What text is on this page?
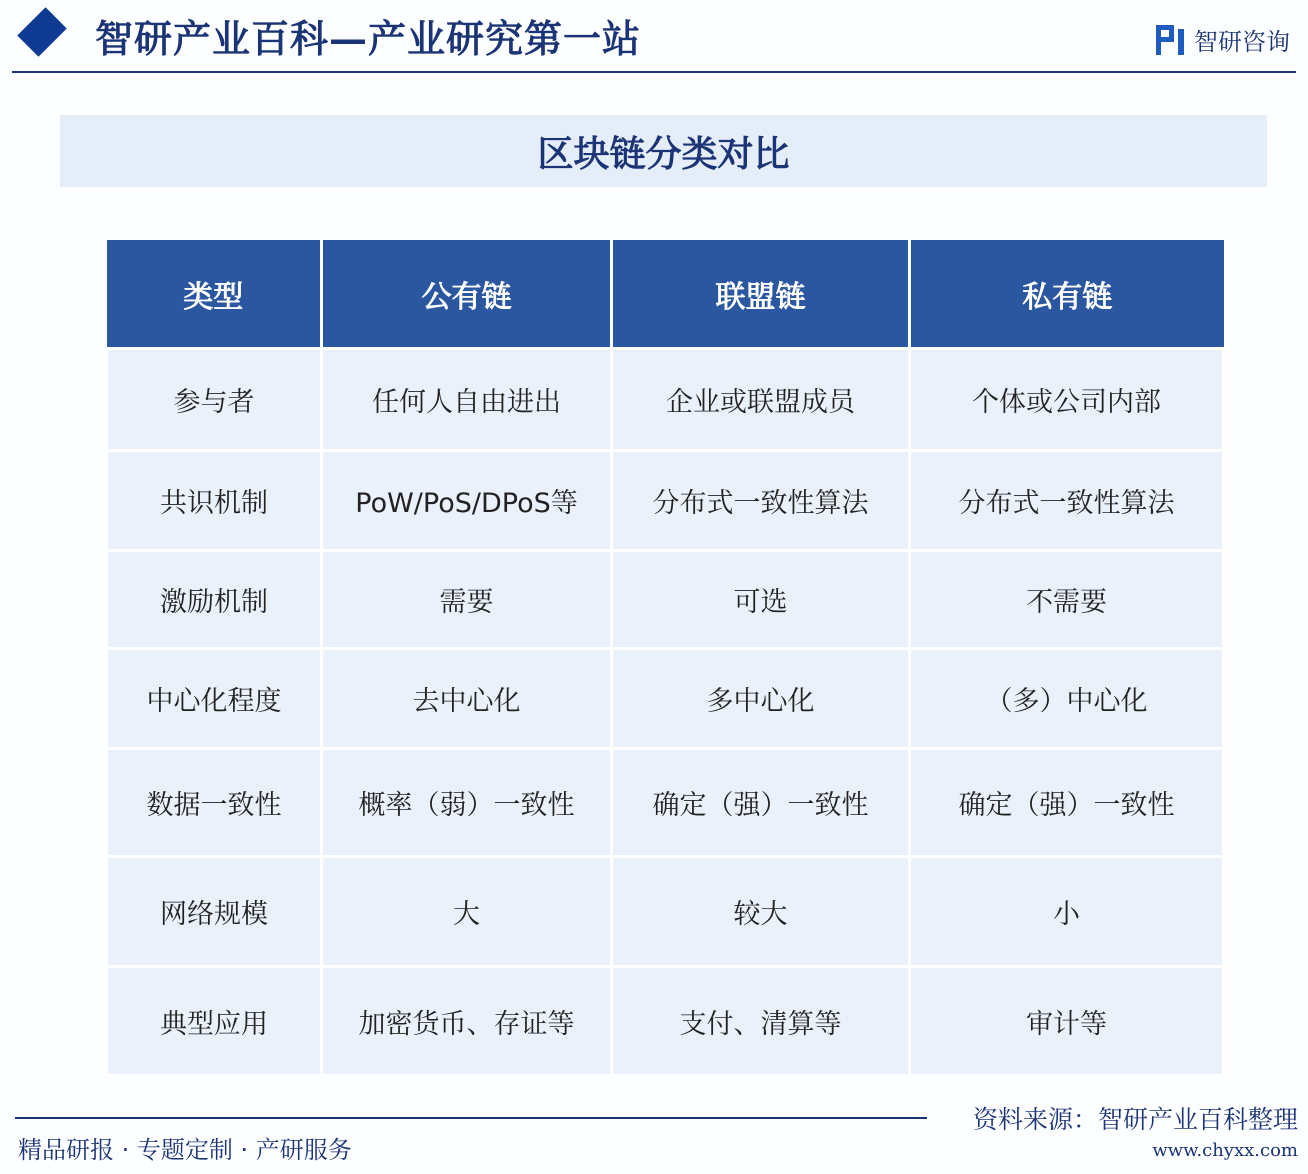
智研产业百科—产业研究第一站	智研咨询
区块链分类对比
类型	公有链	联盟链	私有链
参与者	任何人自由进出	企业或联盟成员	个体或公司内部
共识机制	PoW/PoS/DPoS等	分布式一致性算法	分布式一致性算法
激励机制	需要	可选	不需要
中心化程度	去中心化	多中心化	（多）中心化
数据一致性	概率（弱）一致性	确定（强）一致性	确定（强）一致性
网络规模	大	较大	小
典型应用	加密货币、存证等	支付、清算等	审计等
精品研报 · 专题定制 · 产研服务
资料来源：智研产业百科整理
www.chyxx.com
